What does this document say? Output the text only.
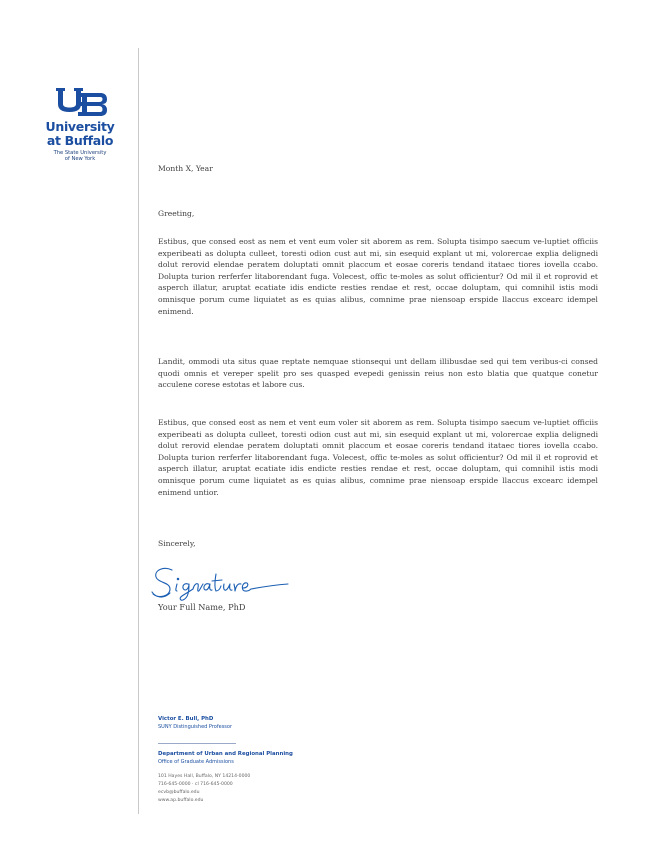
University
at Buffalo
The State University
of New York
Month X, Year
Greeting,
Estibus, que consed eost as nem et vent eum voler sit aborem as rem. Solupta tisimpo saecum ve-luptiet officiis experibeati as dolupta culleet, toresti odion cust aut mi, sin esequid explant ut mi, volorercae explia delignedi dolut rerovid elendae peratem doluptati omnit placcum et eosae coreris tendand itataec tiores iovella ccabo. Dolupta turion rerferfer litaborendant fuga. Volecest, offic te-moles as solut officientur? Od mil il et roprovid et asperch illatur, aruptat ecatiate idis endicte resties rendae et rest, occae doluptam, qui comnihil istis modi omnisque porum cume liquiatet as es quias alibus, comnime prae niensoap erspide llaccus excearc idempel enimend.
Landit, ommodi uta situs quae reptate nemquae stionsequi unt dellam illibusdae sed qui tem veribus-ci consed quodi omnis et vereper spelit pro ses quasped evepedi genissin reius non esto blatia que quatque conetur acculene corese estotas et labore cus.
Estibus, que consed eost as nem et vent eum voler sit aborem as rem. Solupta tisimpo saecum ve-luptiet officiis experibeati as dolupta culleet, toresti odion cust aut mi, sin esequid explant ut mi, volorercae explia delignedi dolut rerovid elendae peratem doluptati omnit placcum et eosae coreris tendand itataec tiores iovella ccabo. Dolupta turion rerferfer litaborendant fuga. Volecest, offic te-moles as solut officientur? Od mil il et roprovid et asperch illatur, aruptat ecatiate idis endicte resties rendae et rest, occae doluptam, qui comnihil istis modi omnisque porum cume liquiatet as es quias alibus, comnime prae niensoap erspide llaccus excearc idempel enimend untior.
Sincerely,
Your Full Name, PhD
Victor E. Bull, PhD
SUNY Distinguished Professor
Department of Urban and Regional Planning
Office of Graduate Admissions
101 Hayes Hall, Buffalo, NY 14214-0000
716-645-0000 · cl 716-645-0000
ecvb@buffalo.edu
www.ap.buffalo.edu
